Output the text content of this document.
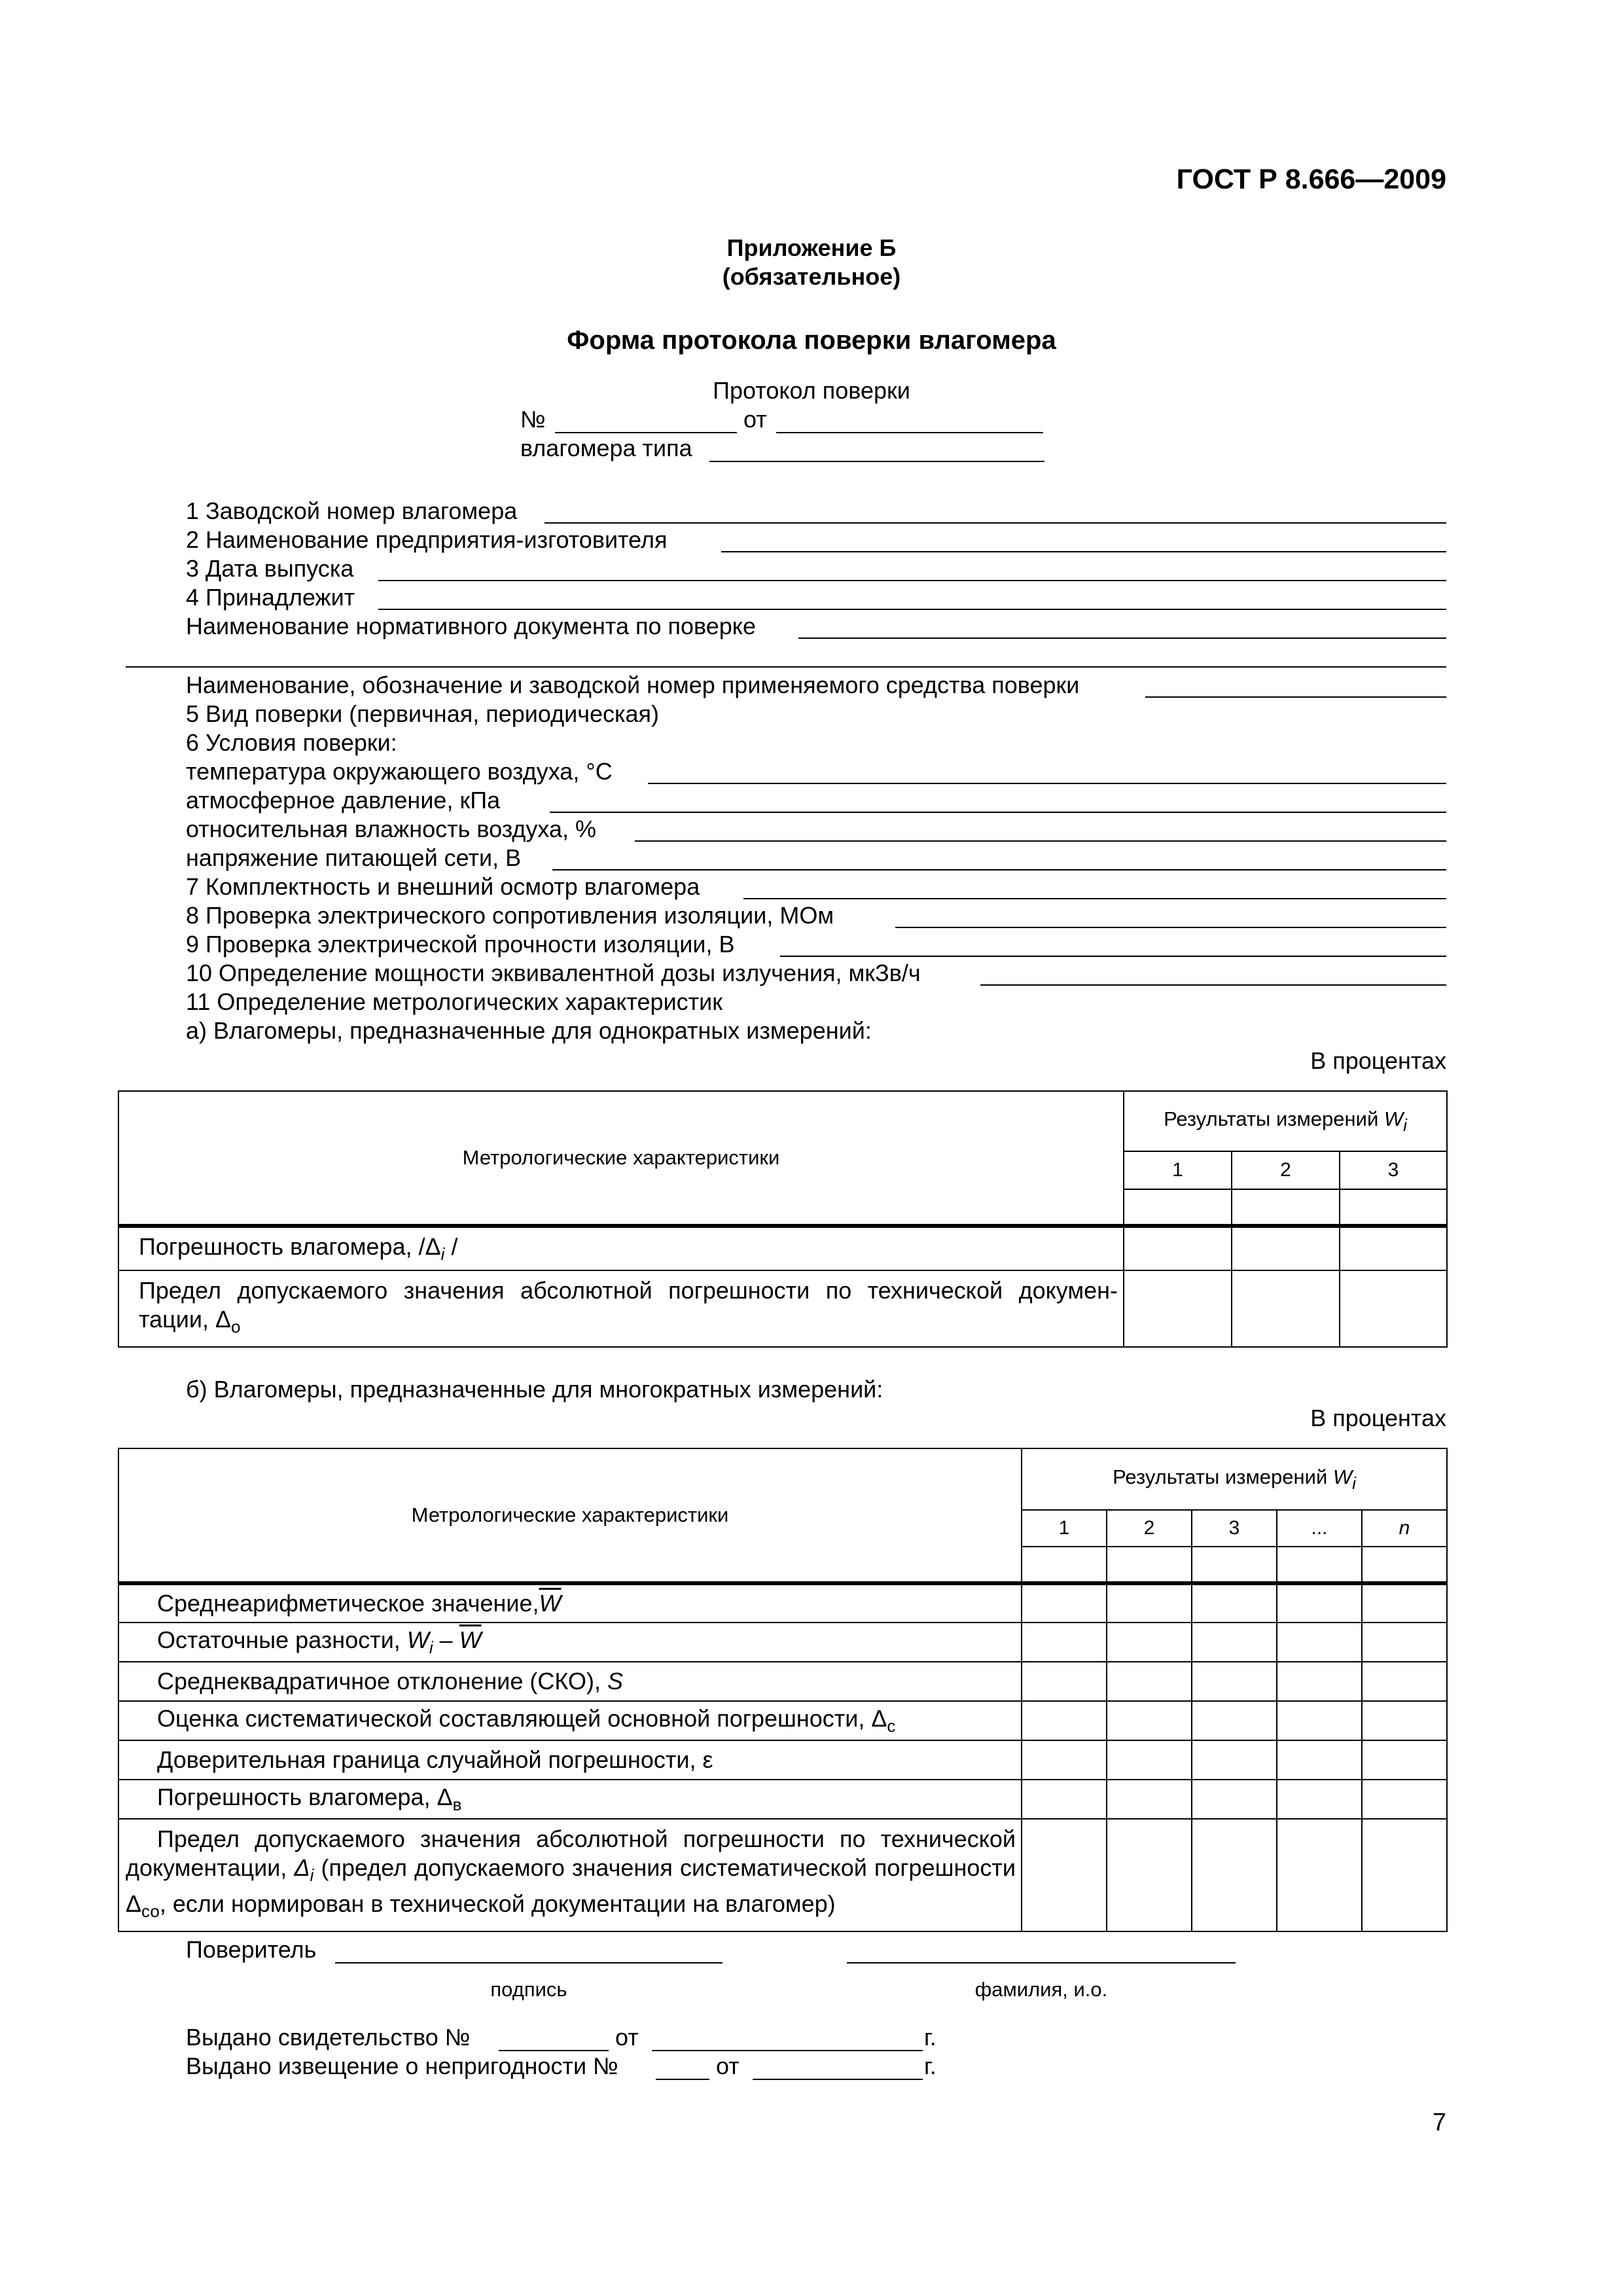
ГОСТ Р 8.666—2009
Приложение Б
(обязательное)
Форма протокола поверки влагомера
Протокол поверки
№	от
влагомера типа
1 Заводской номер влагомера
2 Наименование предприятия-изготовителя
3 Дата выпуска
4 Принадлежит
Наименование нормативного документа по поверке
Наименование, обозначение и заводской номер применяемого средства поверки
5 Вид поверки (первичная, периодическая)
6 Условия поверки:
температура окружающего воздуха, °С
атмосферное давление, кПа
относительная влажность воздуха, %
напряжение питающей сети, В
7 Комплектность и внешний осмотр влагомера
8 Проверка электрического сопротивления изоляции, МОм
9 Проверка электрической прочности изоляции, В
10 Определение мощности эквивалентной дозы излучения, мкЗв/ч
11 Определение метрологических характеристик
а) Влагомеры, предназначенные для однократных измерений:
В процентах
Метрологические характеристики	Результаты измерений $W_i$
	1	2	3

Погрешность влагомера, $/\Delta_i$ /			
Предел допускаемого значения абсолютной погрешности по технической докумен-тации, $\Delta_o$			
б) Влагомеры, предназначенные для многократных измерений:
В процентах
Метрологические характеристики	Результаты измерений $W_i$
	1	2	3	...	n

Среднеарифметическое $значение,\overline{W}$					
Остаточные разности, $W_i - \overline{W}$					
Среднеквадратичное отклонение (СКО), S					
Оценка систематической составляющей основной погрешности, $\Delta_с$					
Доверительная граница случайной погрешности, ε					
Погрешность влагомера, $\Delta_в$					
Предел допускаемого значения абсолютной погрешности по технической документации, $\Delta_i$ (предел допускаемого значения систематической погрешности $\Delta_{со}$, если нормирован в технической документации на влагомер)					
Поверитель
подпись	фамилия, и.о.
Выдано свидетельство №	от	г.
Выдано извещение о непригодности №	от	г.
7
